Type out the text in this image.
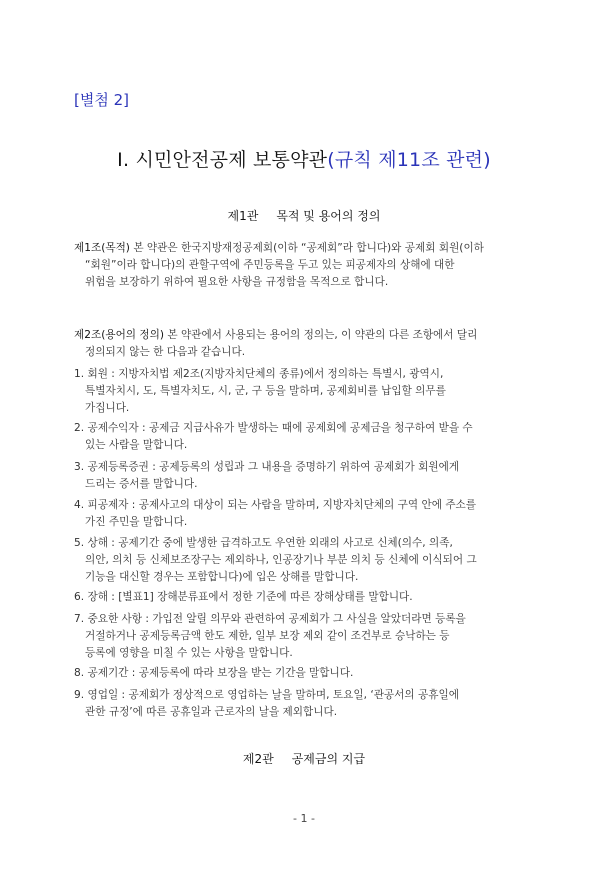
[별첨 2]
Ⅰ. 시민안전공제 보통약관(규칙 제11조 관련)
제1관 목적 및 용어의 정의
제1조(목적) 본 약관은 한국지방재정공제회(이하 “공제회”라 합니다)와 공제회 회원(이하
“회원”이라 합니다)의 관할구역에 주민등록을 두고 있는 피공제자의 상해에 대한
위험을 보장하기 위하여 필요한 사항을 규정함을 목적으로 합니다.
제2조(용어의 정의) 본 약관에서 사용되는 용어의 정의는, 이 약관의 다른 조항에서 달리
정의되지 않는 한 다음과 같습니다.
1. 회원 : 지방자치법 제2조(지방자치단체의 종류)에서 정의하는 특별시, 광역시,
특별자치시, 도, 특별자치도, 시, 군, 구 등을 말하며, 공제회비를 납입할 의무를
가집니다.
2. 공제수익자 : 공제금 지급사유가 발생하는 때에 공제회에 공제금을 청구하여 받을 수
있는 사람을 말합니다.
3. 공제등록증권 : 공제등록의 성립과 그 내용을 증명하기 위하여 공제회가 회원에게
드리는 증서를 말합니다.
4. 피공제자 : 공제사고의 대상이 되는 사람을 말하며, 지방자치단체의 구역 안에 주소를
가진 주민을 말합니다.
5. 상해 : 공제기간 중에 발생한 급격하고도 우연한 외래의 사고로 신체(의수, 의족,
의안, 의치 등 신체보조장구는 제외하나, 인공장기나 부분 의치 등 신체에 이식되어 그
기능을 대신할 경우는 포함합니다)에 입은 상해를 말합니다.
6. 장해 : [별표1] 장해분류표에서 정한 기준에 따른 장해상태를 말합니다.
7. 중요한 사항 : 가입전 알릴 의무와 관련하여 공제회가 그 사실을 알았더라면 등록을
거절하거나 공제등록금액 한도 제한, 일부 보장 제외 같이 조건부로 승낙하는 등
등록에 영향을 미칠 수 있는 사항을 말합니다.
8. 공제기간 : 공제등록에 따라 보장을 받는 기간을 말합니다.
9. 영업일 : 공제회가 정상적으로 영업하는 날을 말하며, 토요일, ‘관공서의 공휴일에
관한 규정’에 따른 공휴일과 근로자의 날을 제외합니다.
제2관 공제금의 지급
- 1 -
